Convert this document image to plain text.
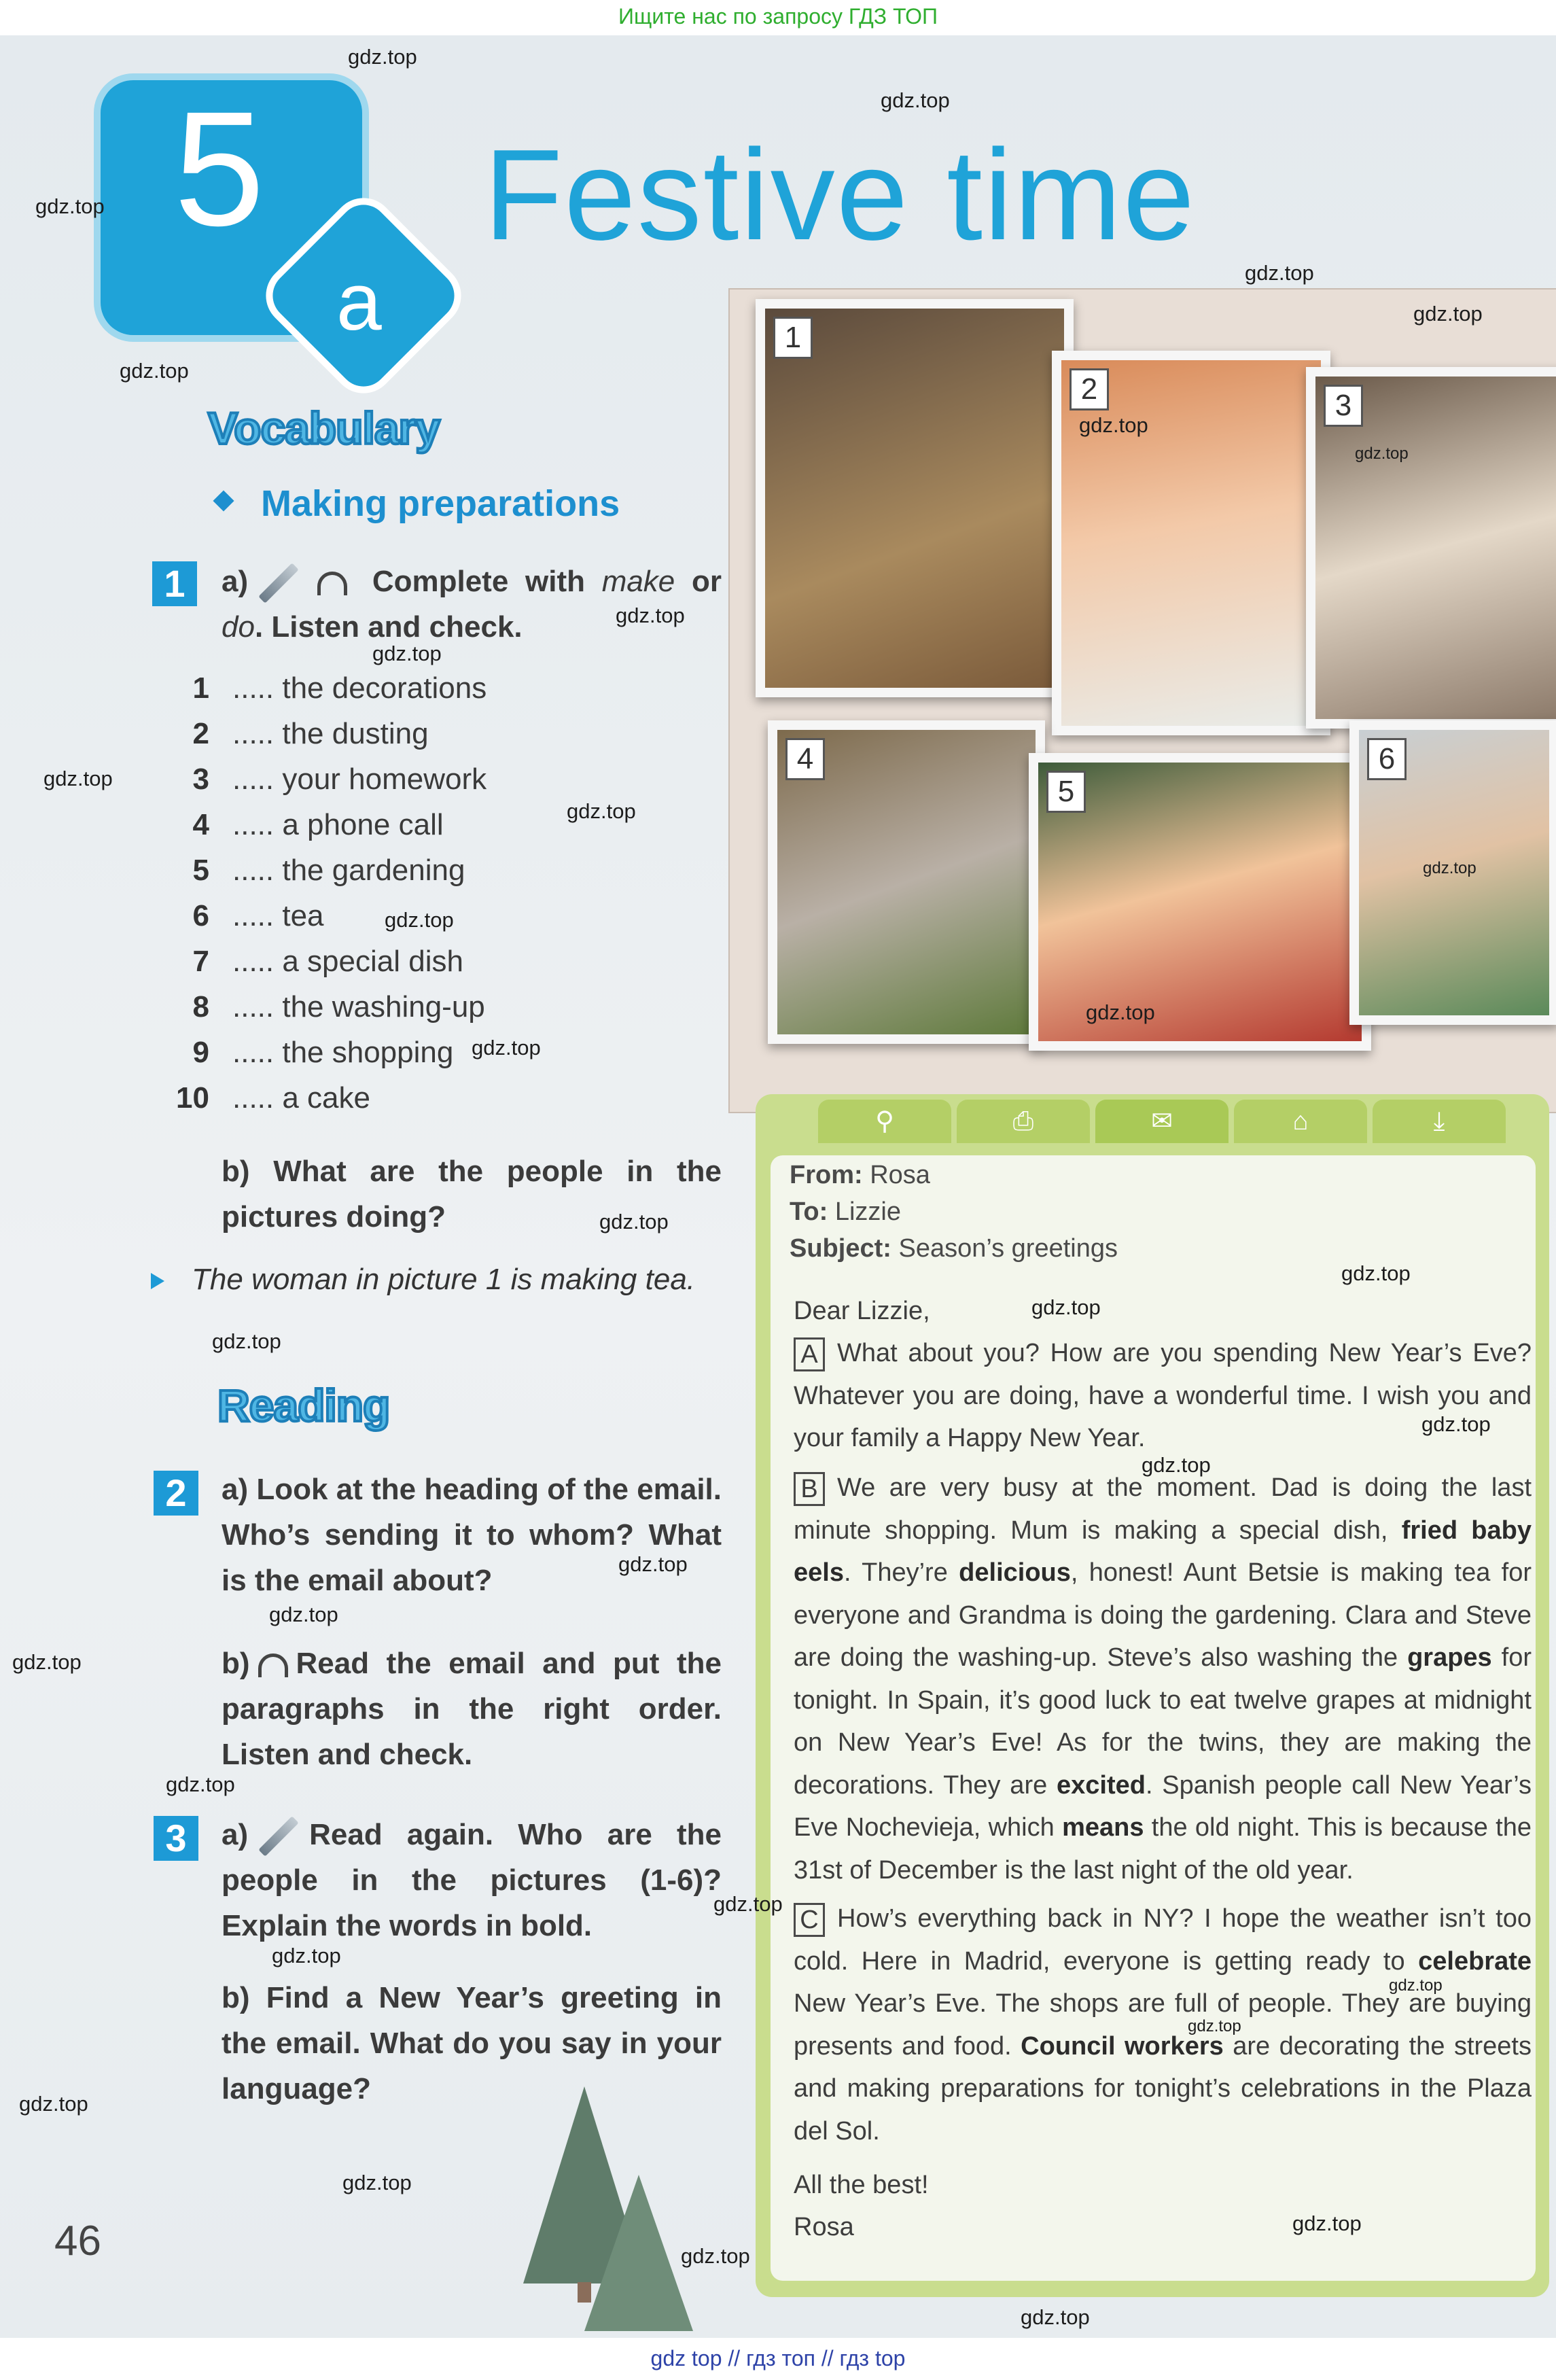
Ищите нас по запросу ГДЗ ТОП
5
a
Festive time
Vocabulary
Making preparations
1	a)	Complete with make or do. Listen and check.
1 ..... the decorations
2 ..... the dusting
3 ..... your homework
4 ..... a phone call
5 ..... the gardening
6 ..... tea
7 ..... a special dish
8 ..... the washing-up
9 ..... the shopping
10 ..... a cake
b) What are the people in the pictures doing?
The woman in picture 1 is making tea.
Reading
2	a) Look at the heading of the email. Who’s sending it to whom? What is the email about?
b) Read the email and put the paragraphs in the right order. Listen and check.
3	a) Read again. Who are the people in the pictures (1-6)? Explain the words in bold.
b) Find a New Year’s greeting in the email. What do you say in your language?
46
1
2	3
4
5
6
⚲	⎙	✉	⌂	⤓
From: Rosa
To: Lizzie
Subject: Season’s greetings
Dear Lizzie,
A What about you? How are you spending New Year’s Eve? Whatever you are doing, have a wonderful time. I wish you and your family a Happy New Year.
B We are very busy at the moment. Dad is doing the last minute shopping. Mum is making a special dish, fried baby eels. They’re delicious, honest! Aunt Betsie is making tea for everyone and Grandma is doing the gardening. Clara and Steve are doing the washing-up. Steve’s also washing the grapes for tonight. In Spain, it’s good luck to eat twelve grapes at midnight on New Year’s Eve! As for the twins, they are making the decorations. They are excited. Spanish people call New Year’s Eve Nochevieja, which means the old night. This is because the 31st of December is the last night of the old year.
C How’s everything back in NY? I hope the weather isn’t too cold. Here in Madrid, everyone is getting ready to celebrate New Year’s Eve. The shops are full of people. They are buying presents and food. Council workers are decorating the streets and making preparations for tonight’s celebrations in the Plaza del Sol.
All the best!
Rosa
gdz.top
gdz.top
gdz.top
gdz.top
gdz.top
gdz.top
gdz.top
gdz.top
gdz.top
gdz.top
gdz.top
gdz.top
gdz.top
gdz.top
gdz.top
gdz.top
gdz.top
gdz.top
gdz.top
gdz.top
gdz.top
gdz.top
gdz.top
gdz.top
gdz.top
gdz.top
gdz.top
gdz.top
gdz.top
gdz.top
gdz.top
gdz.top
gdz.top
gdz.top
gdz.top
gdz top // гдз топ // гдз top
